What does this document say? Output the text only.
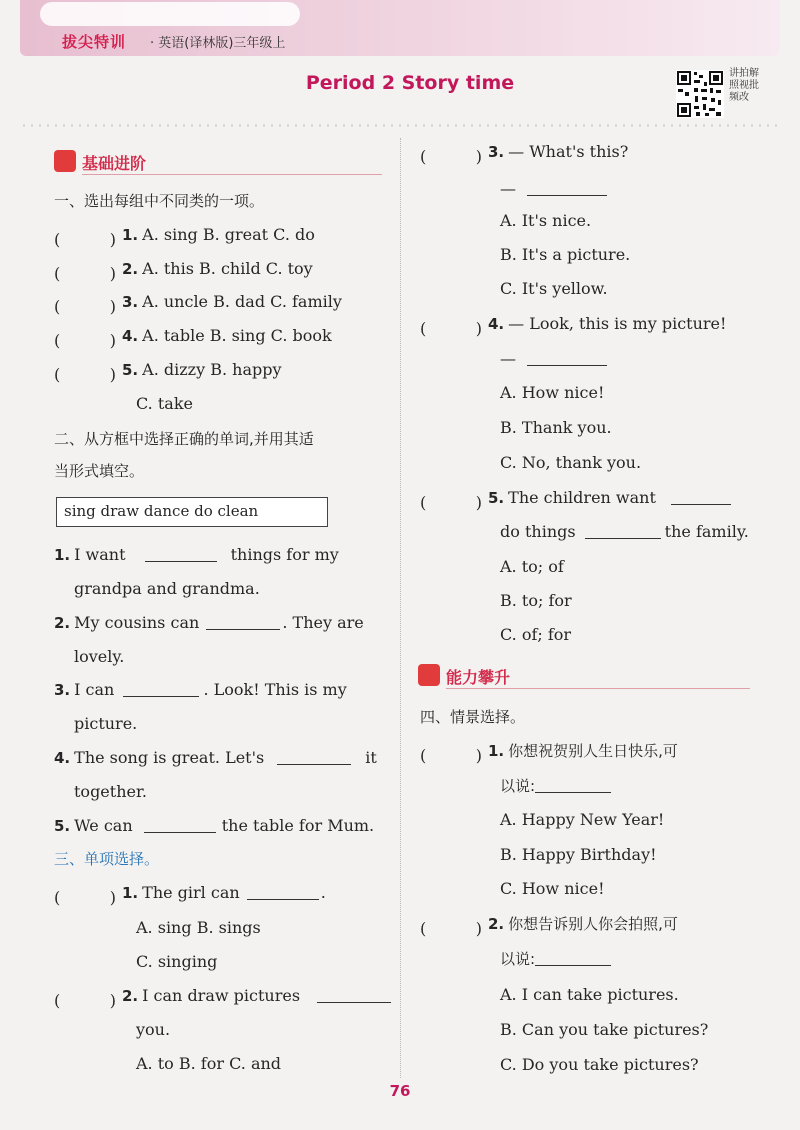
拔尖特训 · 英语(译林版)三年级上
Period 2 Story time	讲拍解照视批频改
基础进阶
一、选出每组中不同类的一项。
1. A. sing B. great C. do
2. A. this B. child C. toy
3. A. uncle B. dad C. family
4. A. table B. sing C. book
5. A. dizzy B. happy
C. take
二、从方框中选择正确的单词,并用其适
当形式填空。
sing draw dance do clean
1. I want	things for my
grandpa and grandma.
2. My cousins can	. They are
lovely.
3. I can	. Look! This is my
picture.
4. The song is great. Let's	it
together.
5. We can	the table for Mum.
三、单项选择。
1. The girl can	.
A. sing B. sings
C. singing
2. I can draw pictures
you.
A. to B. for C. and
3. — What's this?
—
A. It's nice.
B. It's a picture.
C. It's yellow.
4. — Look, this is my picture!
—
A. How nice!
B. Thank you.
C. No, thank you.
5. The children want
do things	the family.
A. to; of
B. to; for
C. of; for
能力攀升
四、情景选择。
1. 你想祝贺别人生日快乐,可
以说:
A. Happy New Year!
B. Happy Birthday!
C. How nice!
2. 你想告诉别人你会拍照,可
以说:
A. I can take pictures.
B. Can you take pictures?
C. Do you take pictures?
76
